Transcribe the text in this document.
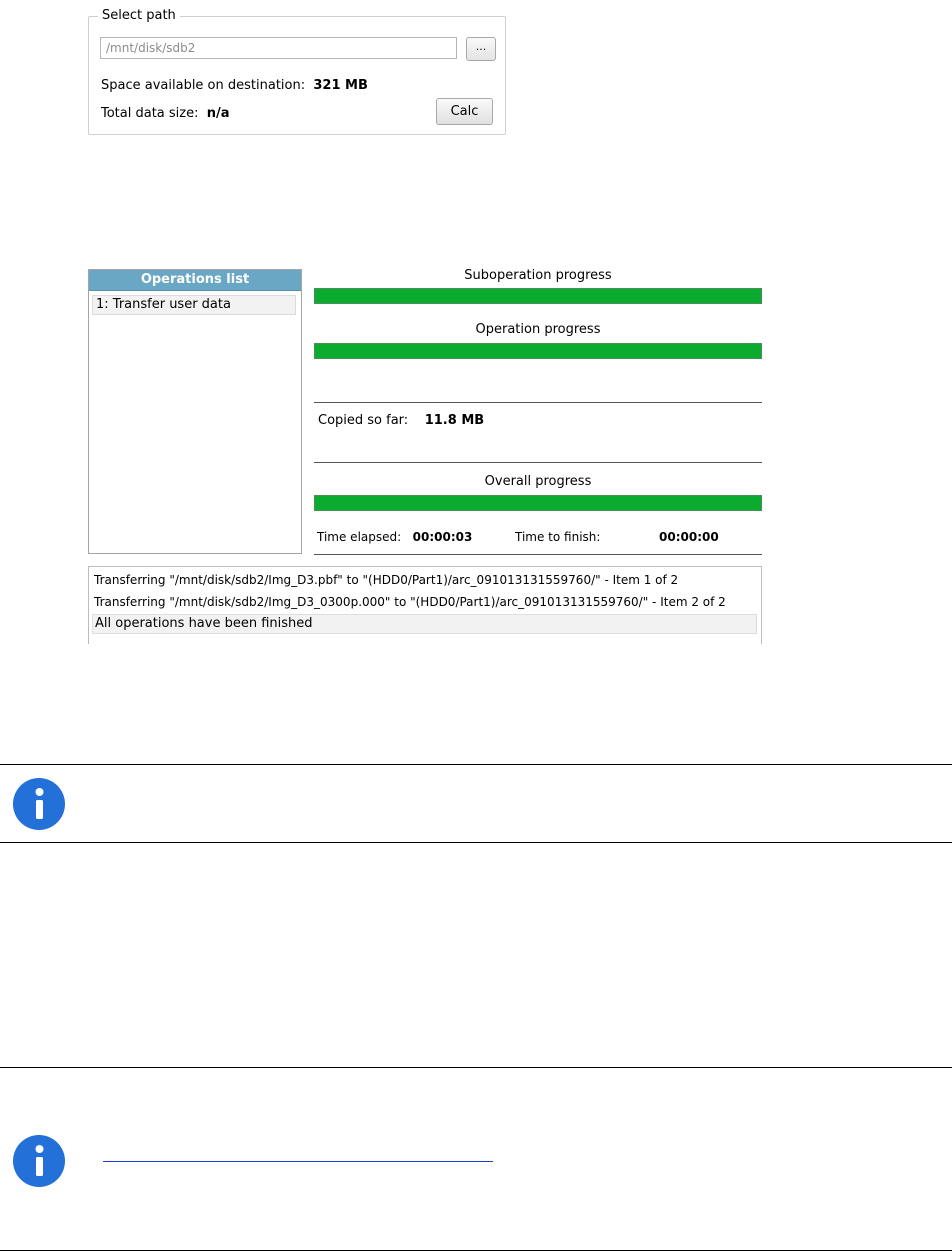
Select path
/mnt/disk/sdb2	...
Space available on destination: 321 MB
Total data size: n/a	Calc
Operations list
1: Transfer user data
Suboperation progress
Operation progress
Copied so far: 11.8 MB
Overall progress
Time elapsed: 00:00:03	Time to finish:	00:00:00
Transferring "/mnt/disk/sdb2/Img_D3.pbf" to "(HDD0/Part1)/arc_091013131559760/" - Item 1 of 2
Transferring "/mnt/disk/sdb2/Img_D3_0300p.000" to "(HDD0/Part1)/arc_091013131559760/" - Item 2 of 2
All operations have been finished
